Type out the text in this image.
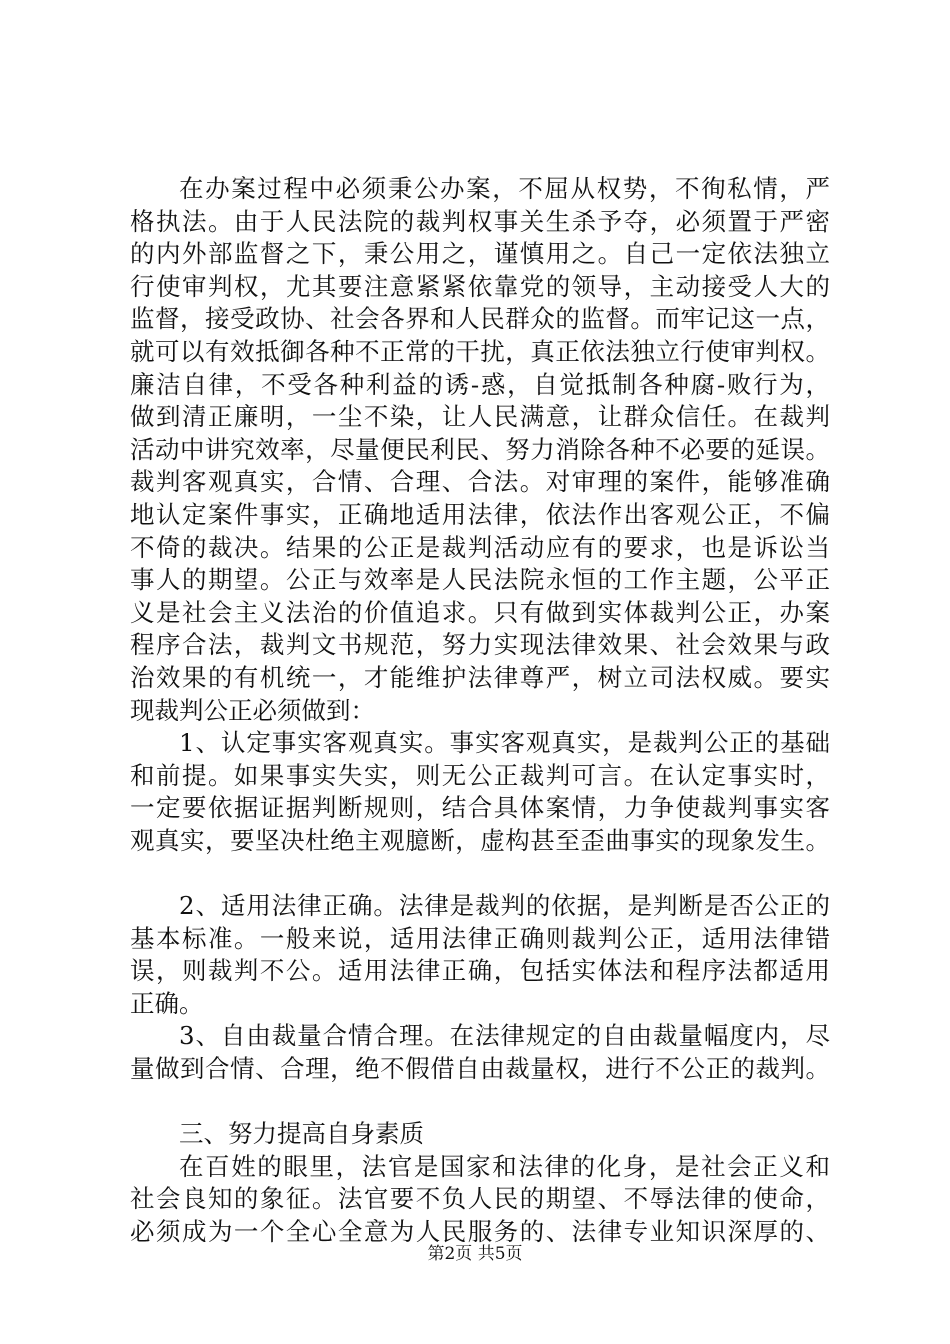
在办案过程中必须秉公办案，不屈从权势，不徇私情，严
格执法。由于人民法院的裁判权事关生杀予夺，必须置于严密
的内外部监督之下，秉公用之，谨慎用之。自己一定依法独立
行使审判权，尤其要注意紧紧依靠党的领导，主动接受人大的
监督，接受政协、社会各界和人民群众的监督。而牢记这一点，
就可以有效抵御各种不正常的干扰，真正依法独立行使审判权。
廉洁自律，不受各种利益的诱-惑，自觉抵制各种腐-败行为，
做到清正廉明，一尘不染，让人民满意，让群众信任。在裁判
活动中讲究效率，尽量便民利民、努力消除各种不必要的延误。
裁判客观真实，合情、合理、合法。对审理的案件，能够准确
地认定案件事实，正确地适用法律，依法作出客观公正，不偏
不倚的裁决。结果的公正是裁判活动应有的要求，也是诉讼当
事人的期望。公正与效率是人民法院永恒的工作主题，公平正
义是社会主义法治的价值追求。只有做到实体裁判公正，办案
程序合法，裁判文书规范，努力实现法律效果、社会效果与政
治效果的有机统一，才能维护法律尊严，树立司法权威。要实
现裁判公正必须做到：
1、认定事实客观真实。事实客观真实，是裁判公正的基础
和前提。如果事实失实，则无公正裁判可言。在认定事实时，
一定要依据证据判断规则，结合具体案情，力争使裁判事实客
观真实，要坚决杜绝主观臆断，虚构甚至歪曲事实的现象发生。
2、适用法律正确。法律是裁判的依据，是判断是否公正的
基本标准。一般来说，适用法律正确则裁判公正，适用法律错
误，则裁判不公。适用法律正确，包括实体法和程序法都适用
正确。
3、自由裁量合情合理。在法律规定的自由裁量幅度内，尽
量做到合情、合理，绝不假借自由裁量权，进行不公正的裁判。
三、努力提高自身素质
在百姓的眼里，法官是国家和法律的化身，是社会正义和
社会良知的象征。法官要不负人民的期望、不辱法律的使命，
必须成为一个全心全意为人民服务的、法律专业知识深厚的、
第2页 共5页
